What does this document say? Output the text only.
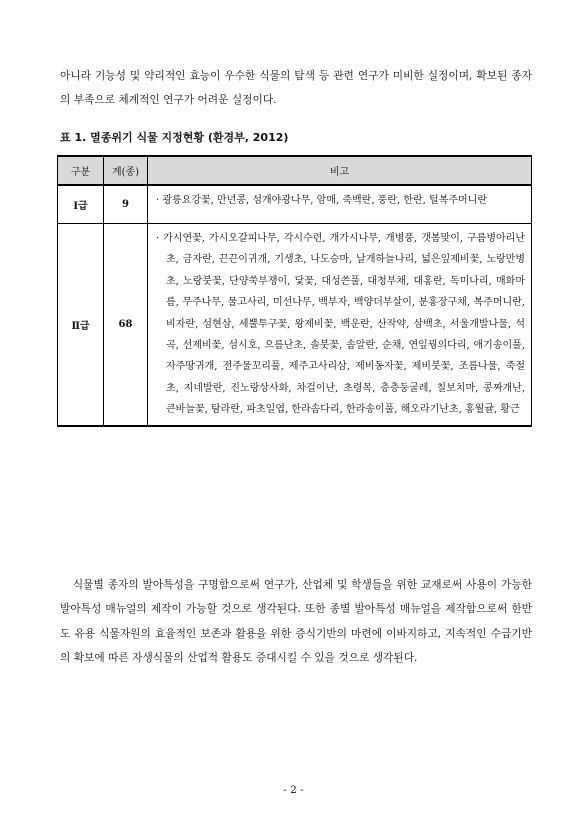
아니라 기능성 및 약리적인 효능이 우수한 식물의 탐색 등 관련 연구가 미비한 실정이며, 확보된 종자의 부족으로 체계적인 연구가 어려운 실정이다.

표 1. 멸종위기 식물 지정현황 (환경부, 2012)
구분	계(종)	비고
Ⅰ급	9	· 광릉요강꽃, 만년콩, 섬개야광나무, 암매, 죽백란, 풍란, 한란, 털복주머니란

Ⅱ급	68	· 가시연꽃, 가시오갈피나무, 각시수련, 개가시나무, 개병풍, 갯봄맞이, 구름병아리난초, 금자란, 끈끈이귀개, 기생초, 나도승마, 날개하늘나리, 넓은잎제비꽃, 노랑만병초, 노랑붓꽃, 단양쑥부쟁이, 닻꽃, 대성쓴풀, 대청부채, 대홍란, 독미나리, 매화마름, 무주나무, 물고사리, 미선나무, 백부자, 백양더부살이, 분홍장구채, 복주머니란, 비자란, 섬현삼, 세뿔투구꽃, 왕제비꽃, 백운란, 산작약, 삼백초, 서울개발나물, 석곡, 선제비꽃, 섬시호, 으름난초, 솔붓꽃, 솜알란, 순채, 연잎꿩의다리, 애기송이풀, 자주땅귀개, 전주물꼬리풀, 제주고사리삼, 제비동자꽃, 제비붓꽃, 조름나물, 죽절초, 지네발란, 진노랑상사화, 차걸이난, 초령목, 층층둥굴레, 칠보치마, 콩짜개난, 큰바늘꽃, 탐라란, 파초일엽, 한라솜다리, 한라송이풀, 해오라기난초, 홍월귤, 황근

식물별 종자의 발아특성을 구명함으로써 연구가, 산업체 및 학생들을 위한 교재로써 사용이 가능한 발아특성 매뉴얼의 제작이 가능할 것으로 생각된다. 또한 종별 발아특성 매뉴얼을 제작함으로써 한반도 유용 식물자원의 효율적인 보존과 활용을 위한 증식기반의 마련에 이바지하고, 지속적인 수급기반의 확보에 따른 자생식물의 산업적 활용도 증대시킬 수 있을 것으로 생각된다.

- 2 -
